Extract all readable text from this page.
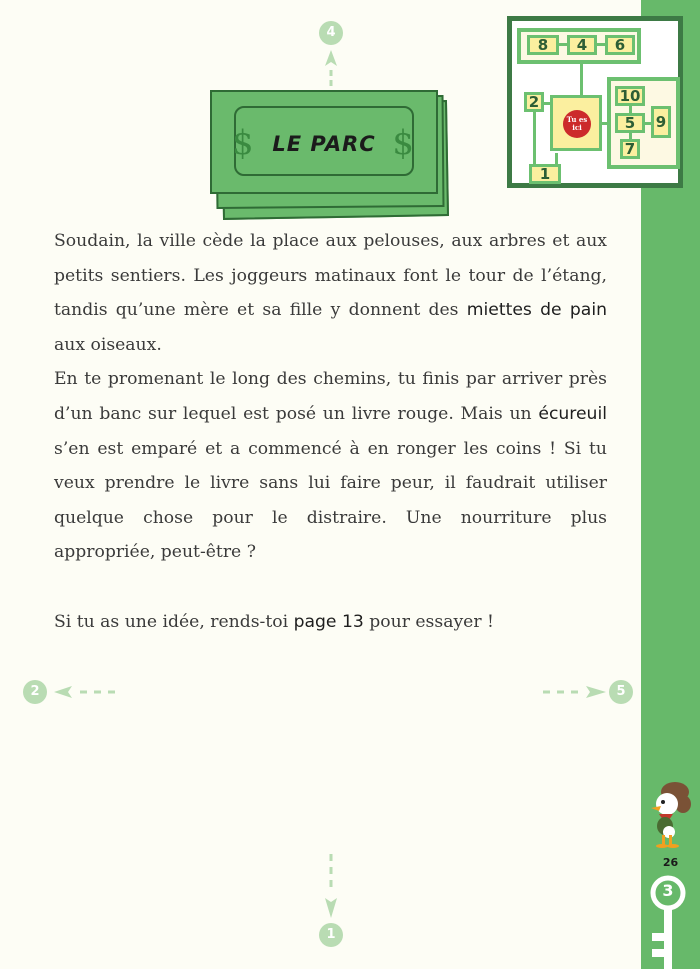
4
2	5
1
$	$
LE PARC
8	4	6
2
1
Tu es ici
10
5	9
7

Soudain, la ville cède la place aux pelouses, aux arbres et aux petits sentiers. Les joggeurs matinaux font le tour de l’étang, tandis qu’une mère et sa fille y donnent des miettes de pain aux oiseaux.

En te promenant le long des chemins, tu finis par arriver près d’un banc sur lequel est posé un livre rouge. Mais un écureuil s’en est emparé et a commencé à en ronger les coins ! Si tu veux prendre le livre sans lui faire peur, il faudrait utiliser quelque chose pour le distraire. Une nourriture plus appropriée, peut-être ?

Si tu as une idée, rends-toi page 13 pour essayer !

26
3
